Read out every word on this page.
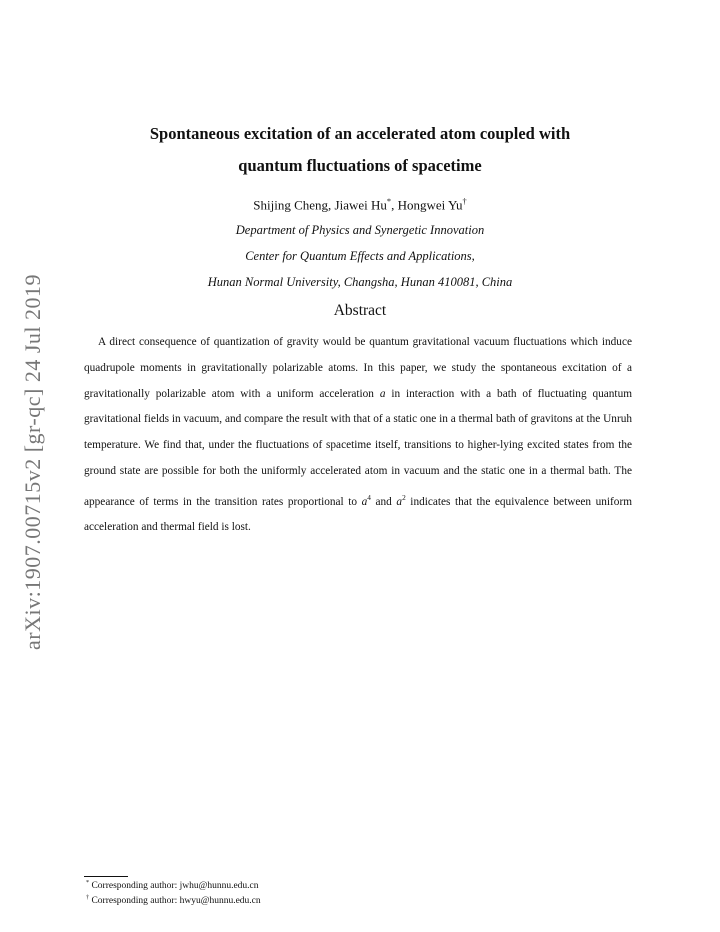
arXiv:1907.00715v2 [gr-qc] 24 Jul 2019
Spontaneous excitation of an accelerated atom coupled with
quantum fluctuations of spacetime
Shijing Cheng, Jiawei Hu*, Hongwei Yu†
Department of Physics and Synergetic Innovation
Center for Quantum Effects and Applications,
Hunan Normal University, Changsha, Hunan 410081, China
Abstract

A direct consequence of quantization of gravity would be quantum gravitational vacuum fluctuations which induce quadrupole moments in gravitationally polarizable atoms. In this paper, we study the spontaneous excitation of a gravitationally polarizable atom with a uniform acceleration a in interaction with a bath of fluctuating quantum gravitational fields in vacuum, and compare the result with that of a static one in a thermal bath of gravitons at the Unruh temperature. We find that, under the fluctuations of spacetime itself, transitions to higher-lying excited states from the ground state are possible for both the uniformly accelerated atom in vacuum and the static one in a thermal bath. The appearance of terms in the transition rates proportional to $a^4$ and $a^2$ indicates that the equivalence between uniform acceleration and thermal field is lost.

* Corresponding author: jwhu@hunnu.edu.cn
† Corresponding author: hwyu@hunnu.edu.cn
